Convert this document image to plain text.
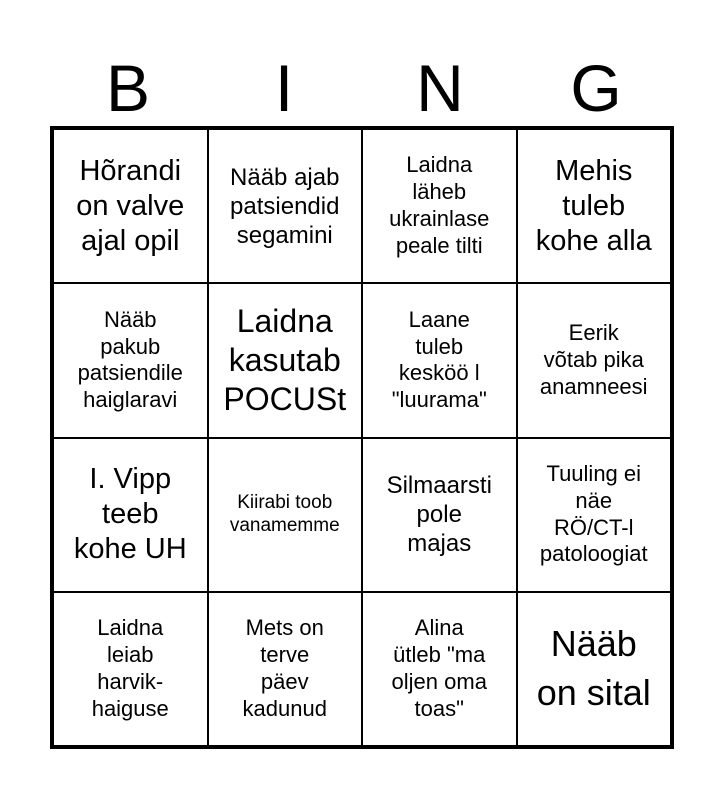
B	I	N	G
Hõrandi
on valve
ajal opil
Nääb ajab
patsiendid
segamini
Laidna
läheb
ukrainlase
peale tilti
Mehis
tuleb
kohe alla
Nääb
pakub
patsiendile
haiglaravi
Laidna
kasutab
POCUSt
Laane
tuleb
kesköö l
"luurama"
Eerik
võtab pika
anamneesi
I. Vipp
teeb
kohe UH
Kiirabi toob
vanamemme
Silmaarsti
pole
majas
Tuuling ei
näe
RÖ/CT-l
patoloogiat
Laidna
leiab
harvik-
haiguse
Mets on
terve
päev
kadunud
Alina
ütleb "ma
oljen oma
toas"
Nääb
on sital
